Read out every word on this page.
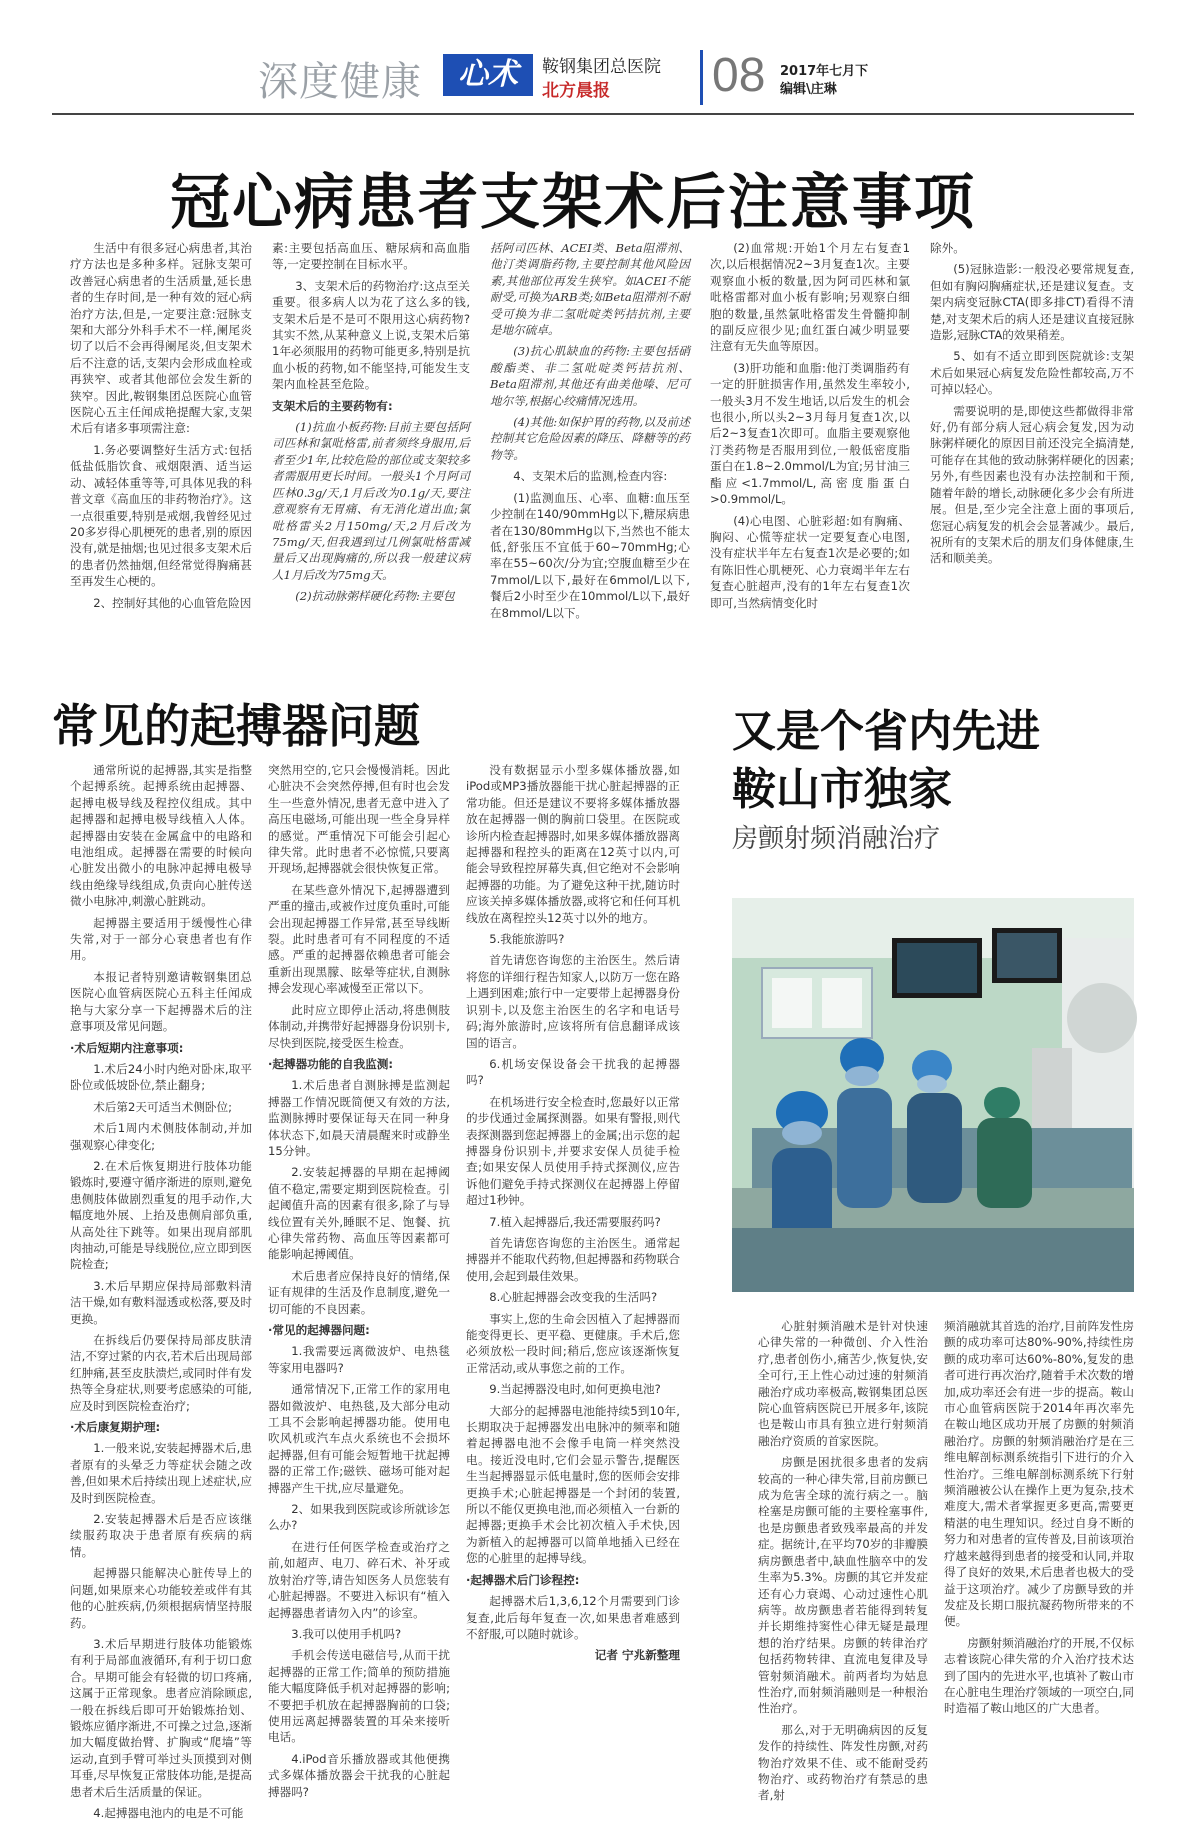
深度健康	心术	鞍钢集团总医院
北方晨报 08 2017年七月下
编辑\庄琳
冠心病患者支架术后注意事项

生活中有很多冠心病患者,其治疗方法也是多种多样。冠脉支架可改善冠心病患者的生活质量,延长患者的生存时间,是一种有效的冠心病治疗方法,但是,一定要注意:冠脉支架和大部分外科手术不一样,阑尾炎切了以后不会再得阑尾炎,但支架术后不注意的话,支架内会形成血栓或再狭窄、或者其他部位会发生新的狭窄。因此,鞍钢集团总医院心血管医院心五主任闻成艳提醒大家,支架术后有诸多事项需注意:

1.务必要调整好生活方式:包括低盐低脂饮食、戒烟限酒、适当运动、减轻体重等等,可具体见我的科普文章《高血压的非药物治疗》。这一点很重要,特别是戒烟,我曾经见过20多岁得心肌梗死的患者,别的原因没有,就是抽烟;也见过很多支架术后的患者仍然抽烟,但经常觉得胸痛甚至再发生心梗的。

2、控制好其他的心血管危险因

素:主要包括高血压、糖尿病和高血脂等,一定要控制在目标水平。

3、支架术后的药物治疗:这点至关重要。很多病人以为花了这么多的钱,支架术后是不是可不限用这心病药物?其实不然,从某种意义上说,支架术后第1年必须服用的药物可能更多,特别是抗血小板的药物,如不能坚持,可能发生支架内血栓甚至危险。

支架术后的主要药物有:

(1)抗血小板药物:目前主要包括阿司匹林和氯吡格雷,前者须终身服用,后者至少1年,比较危险的部位或支架较多者需服用更长时间。一般头1个月阿司匹林0.3g/天,1月后改为0.1g/天,要注意观察有无胃痛、有无消化道出血;氯吡格雷头2月150mg/天,2月后改为75mg/天,但我遇到过几例氯吡格雷减量后又出现胸痛的,所以我一般建议病人1月后改为75mg天。

(2)抗动脉粥样硬化药物:主要包

括阿司匹林、ACEI类、Beta阻滞剂、他汀类调脂药物,主要控制其他风险因素,其他部位再发生狭窄。如ACEI不能耐受,可换为ARB类;如Beta阻滞剂不耐受可换为非二氢吡啶类钙拮抗剂,主要是地尔硫卓。

(3)抗心肌缺血的药物:主要包括硝酸酯类、非二氢吡啶类钙拮抗剂、Beta阻滞剂,其他还有曲美他嗪、尼可地尔等,根据心绞痛情况选用。

(4)其他:如保护胃的药物,以及前述控制其它危险因素的降压、降糖等的药物等。

4、支架术后的监测,检查内容:

(1)监测血压、心率、血糖:血压至少控制在140/90mmHg以下,糖尿病患者在130/80mmHg以下,当然也不能太低,舒张压不宜低于60~70mmHg;心率在55~60次/分为宜;空腹血糖至少在7mmol/L以下,最好在6mmol/L以下,餐后2小时至少在10mmol/L以下,最好在8mmol/L以下。

(2)血常规:开始1个月左右复查1次,以后根据情况2~3月复查1次。主要观察血小板的数量,因为阿司匹林和氯吡格雷都对血小板有影响;另观察白细胞的数量,虽然氯吡格雷发生骨髓抑制的副反应很少见;血红蛋白减少明显要注意有无失血等原因。

(3)肝功能和血脂:他汀类调脂药有一定的肝脏损害作用,虽然发生率较小,一般头3月不发生地话,以后发生的机会也很小,所以头2~3月每月复查1次,以后2~3复查1次即可。血脂主要观察他汀类药物是否服用到位,一般低密度脂蛋白在1.8~2.0mmol/L为宜;另甘油三酯应<1.7mmol/L,高密度脂蛋白>0.9mmol/L。

(4)心电图、心脏彩超:如有胸痛、胸闷、心慌等症状一定要复查心电图,没有症状半年左右复查1次是必要的;如有陈旧性心肌梗死、心力衰竭半年左右复查心脏超声,没有的1年左右复查1次即可,当然病情变化时

除外。

(5)冠脉造影:一般没必要常规复查,但如有胸闷胸痛症状,还是建议复查。支架内病变冠脉CTA(即多排CT)看得不清楚,对支架术后的病人还是建议直接冠脉造影,冠脉CTA的效果稍差。

5、如有不适立即到医院就诊:支架术后如果冠心病复发危险性都较高,万不可掉以轻心。

需要说明的是,即使这些都做得非常好,仍有部分病人冠心病会复发,因为动脉粥样硬化的原因目前还没完全搞清楚,可能存在其他的致动脉粥样硬化的因素;另外,有些因素也没有办法控制和干预,随着年龄的增长,动脉硬化多少会有所进展。但是,至少完全注意上面的事项后,您冠心病复发的机会会显著减少。最后,祝所有的支架术后的朋友们身体健康,生活和顺美美。

常见的起搏器问题

通常所说的起搏器,其实是指整个起搏系统。起搏系统由起搏器、起搏电极导线及程控仪组成。其中起搏器和起搏电极导线植入人体。起搏器由安装在金属盒中的电路和电池组成。起搏器在需要的时候向心脏发出微小的电脉冲起搏电极导线由绝缘导线组成,负责向心脏传送微小电脉冲,刺激心脏跳动。

起搏器主要适用于缓慢性心律失常,对于一部分心衰患者也有作用。

本报记者特别邀请鞍钢集团总医院心血管病医院心五科主任闻成艳与大家分享一下起搏器术后的注意事项及常见问题。

·术后短期内注意事项:

1.术后24小时内绝对卧床,取平卧位或低坡卧位,禁止翻身;

术后第2天可适当术侧卧位;

术后1周内术侧肢体制动,并加强观察心律变化;

2.在术后恢复期进行肢体功能锻炼时,要遵守循序渐进的原则,避免患侧肢体做剧烈重复的甩手动作,大幅度地外展、上抬及患侧肩部负重,从高处往下跳等。如果出现肩部肌肉抽动,可能是导线脱位,应立即到医院检查;

3.术后早期应保持局部敷料清洁干燥,如有敷料湿透或松落,要及时更换。

在拆线后仍要保持局部皮肤清洁,不穿过紧的内衣,若术后出现局部红肿痛,甚至皮肤溃烂,或同时伴有发热等全身症状,则要考虑感染的可能,应及时到医院检查治疗;

·术后康复期护理:

1.一般来说,安装起搏器术后,患者原有的头晕乏力等症状会随之改善,但如果术后持续出现上述症状,应及时到医院检查。

2.安装起搏器术后是否应该继续服药取决于患者原有疾病的病情。

起搏器只能解决心脏传导上的问题,如果原来心功能较差或伴有其他的心脏疾病,仍须根据病情坚持服药。

3.术后早期进行肢体功能锻炼有利于局部血液循环,有利于切口愈合。早期可能会有轻微的切口疼痛,这属于正常现象。患者应消除顾虑,一般在拆线后即可开始锻炼抬划、锻炼应循序渐进,不可操之过急,逐渐加大幅度做抬臂、扩胸或“爬墙”等运动,直到手臂可举过头顶摸到对侧耳垂,尽早恢复正常肢体功能,是提高患者术后生活质量的保证。

4.起搏器电池内的电是不可能

突然用空的,它只会慢慢消耗。因此心脏决不会突然停搏,但有时也会发生一些意外情况,患者无意中进入了高压电磁场,可能出现一些全身异样的感觉。严重情况下可能会引起心律失常。此时患者不必惊慌,只要离开现场,起搏器就会很快恢复正常。

在某些意外情况下,起搏器遭到严重的撞击,或被作过度负重时,可能会出现起搏器工作异常,甚至导线断裂。此时患者可有不同程度的不适感。严重的起搏器依赖患者可能会重新出现黑朦、眩晕等症状,自测脉搏会发现心率减慢至正常以下。

此时应立即停止活动,将患侧肢体制动,并携带好起搏器身份识别卡,尽快到医院,接受医生检查。

·起搏器功能的自我监测:

1.术后患者自测脉搏是监测起搏器工作情况既简便又有效的方法,监测脉搏时要保证每天在同一种身体状态下,如晨天清晨醒来时或静坐15分钟。

2.安装起搏器的早期在起搏阈值不稳定,需要定期到医院检查。引起阈值升高的因素有很多,除了与导线位置有关外,睡眠不足、饱餐、抗心律失常药物、高血压等因素都可能影响起搏阈值。

术后患者应保持良好的情绪,保证有规律的生活及作息制度,避免一切可能的不良因素。

·常见的起搏器问题:

1.我需要远离微波炉、电热毯等家用电器吗?

通常情况下,正常工作的家用电器如微波炉、电热毯,及大部分电动工具不会影响起搏器功能。使用电吹风机或汽车点火系统也不会损坏起搏器,但有可能会短暂地干扰起搏器的正常工作;磁铁、磁场可能对起搏器产生干扰,应尽量避免。

2、如果我到医院或诊所就诊怎么办?

在进行任何医学检查或治疗之前,如超声、电刀、碎石术、补牙或放射治疗等,请告知医务人员您装有心脏起搏器。不要进入标识有“植入起搏器患者请勿入内”的诊室。

3.我可以使用手机吗?

手机会传送电磁信号,从而干扰起搏器的正常工作;简单的预防措施能大幅度降低手机对起搏器的影响;不要把手机放在起搏器胸前的口袋;使用远离起搏器装置的耳朵来接听电话。

4.iPod音乐播放器或其他便携式多媒体播放器会干扰我的心脏起搏器吗?

没有数据显示小型多媒体播放器,如iPod或MP3播放器能干扰心脏起搏器的正常功能。但还是建议不要将多媒体播放器放在起搏器一侧的胸前口袋里。在医院或诊所内检查起搏器时,如果多媒体播放器离起搏器和程控头的距离在12英寸以内,可能会导致程控屏幕失真,但它绝对不会影响起搏器的功能。为了避免这种干扰,随访时应该关掉多媒体播放器,或将它和任何耳机线放在离程控头12英寸以外的地方。

5.我能旅游吗?

首先请您咨询您的主治医生。然后请将您的详细行程告知家人,以防万一您在路上遇到困难;旅行中一定要带上起搏器身份识别卡,以及您主治医生的名字和电话号码;海外旅游时,应该将所有信息翻译成该国的语言。

6.机场安保设备会干扰我的起搏器吗?

在机场进行安全检查时,您最好以正常的步伐通过金属探测器。如果有警报,则代表探测器到您起搏器上的金属;出示您的起搏器身份识别卡,并要求安保人员徒手检查;如果安保人员使用手持式探测仪,应告诉他们避免手持式探测仪在起搏器上停留超过1秒钟。

7.植入起搏器后,我还需要服药吗?

首先请您咨询您的主治医生。通常起搏器并不能取代药物,但起搏器和药物联合使用,会起到最佳效果。

8.心脏起搏器会改变我的生活吗?

事实上,您的生命会因植入了起搏器而能变得更长、更平稳、更健康。手术后,您必须放松一段时间;稍后,您应该逐渐恢复正常活动,或从事您之前的工作。

9.当起搏器没电时,如何更换电池?

大部分的起搏器电池能持续5到10年,长期取决于起搏器发出电脉冲的频率和随着起搏器电池不会像手电筒一样突然没电。接近没电时,它们会显示警告,提醒医生当起搏器显示低电量时,您的医师会安排更换手术;心脏起搏器是一个封闭的装置,所以不能仅更换电池,而必须植入一台新的起搏器;更换手术会比初次植入手术快,因为新植入的起搏器可以简单地插入已经在您的心脏里的起搏导线。

·起搏器术后门诊程控:

起搏器术后1,3,6,12个月需要到门诊复查,此后每年复查一次,如果患者难感到不舒服,可以随时就诊。

记者 宁兆新整理

又是个省内先进
鞍山市独家
房颤射频消融治疗

心脏射频消融术是针对快速心律失常的一种微创、介入性治疗,患者创伤小,痛苦少,恢复快,安全可行,王上性心动过速的射频消融治疗成功率极高,鞍钢集团总医院心血管病医院已开展多年,该院也是鞍山市具有独立进行射频消融治疗资质的首家医院。

房颤是困扰很多患者的发病较高的一种心律失常,目前房颤已成为危害全球的流行病之一。脑栓塞是房颤可能的主要栓塞事件,也是房颤患者致残率最高的并发症。据统计,在平均70岁的非瓣膜病房颤患者中,缺血性脑卒中的发生率为5.3%。房颤的其它并发症还有心力衰竭、心动过速性心肌病等。故房颤患者若能得到转复并长期维持窦性心律无疑是最理想的治疗结果。房颤的转律治疗包括药物转律、直流电复律及导管射频消融术。前两者均为姑息性治疗,而射频消融则是一种根治性治疗。

那么,对于无明确病因的反复发作的持续性、阵发性房颤,对药物治疗效果不佳、或不能耐受药物治疗、或药物治疗有禁忌的患者,射

频消融就其首选的治疗,目前阵发性房颤的成功率可达80%-90%,持续性房颤的成功率可达60%-80%,复发的患者可进行再次治疗,随着手术次数的增加,成功率还会有进一步的提高。鞍山市心血管病医院于2014年再次率先在鞍山地区成功开展了房颤的射频消融治疗。房颤的射频消融治疗是在三维电解剖标测系统指引下进行的介入性治疗。三维电解剖标测系统下行射频消融被公认在操作上更为复杂,技术难度大,需术者掌握更多更高,需要更精湛的电生理知识。经过自身不断的努力和对患者的宣传普及,目前该项治疗越来越得到患者的接受和认同,并取得了良好的效果,术后患者也极大的受益于这项治疗。减少了房颤导致的并发症及长期口服抗凝药物所带来的不便。

房颤射频消融治疗的开展,不仅标志着该院心律失常的介入治疗技术达到了国内的先进水平,也填补了鞍山市在心脏电生理治疗领域的一项空白,同时造福了鞍山地区的广大患者。
